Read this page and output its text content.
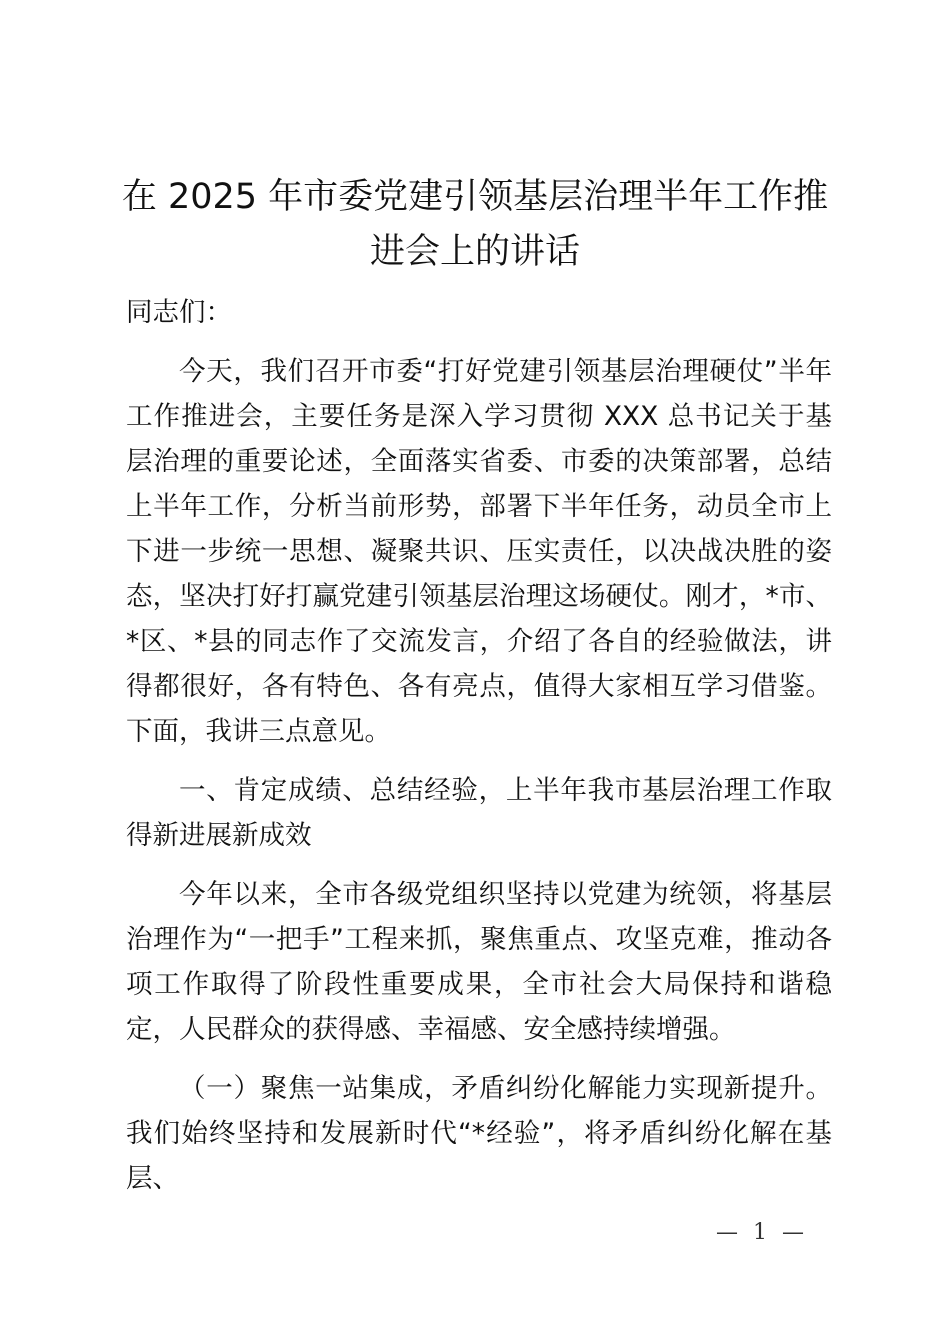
在 2025 年市委党建引领基层治理半年工作推进会上的讲话

同志们：

今天，我们召开市委“打好党建引领基层治理硬仗”半年工作推进会，主要任务是深入学习贯彻 XXX 总书记关于基层治理的重要论述，全面落实省委、市委的决策部署，总结上半年工作，分析当前形势，部署下半年任务，动员全市上下进一步统一思想、凝聚共识、压实责任，以决战决胜的姿态，坚决打好打赢党建引领基层治理这场硬仗。刚才，*市、*区、*县的同志作了交流发言，介绍了各自的经验做法，讲得都很好，各有特色、各有亮点，值得大家相互学习借鉴。下面，我讲三点意见。

一、肯定成绩、总结经验，上半年我市基层治理工作取得新进展新成效

今年以来，全市各级党组织坚持以党建为统领，将基层治理作为“一把手”工程来抓，聚焦重点、攻坚克难，推动各项工作取得了阶段性重要成果，全市社会大局保持和谐稳定，人民群众的获得感、幸福感、安全感持续增强。

（一）聚焦一站集成，矛盾纠纷化解能力实现新提升。我们始终坚持和发展新时代“*经验”，将矛盾纠纷化解在基层、

— 1 —
